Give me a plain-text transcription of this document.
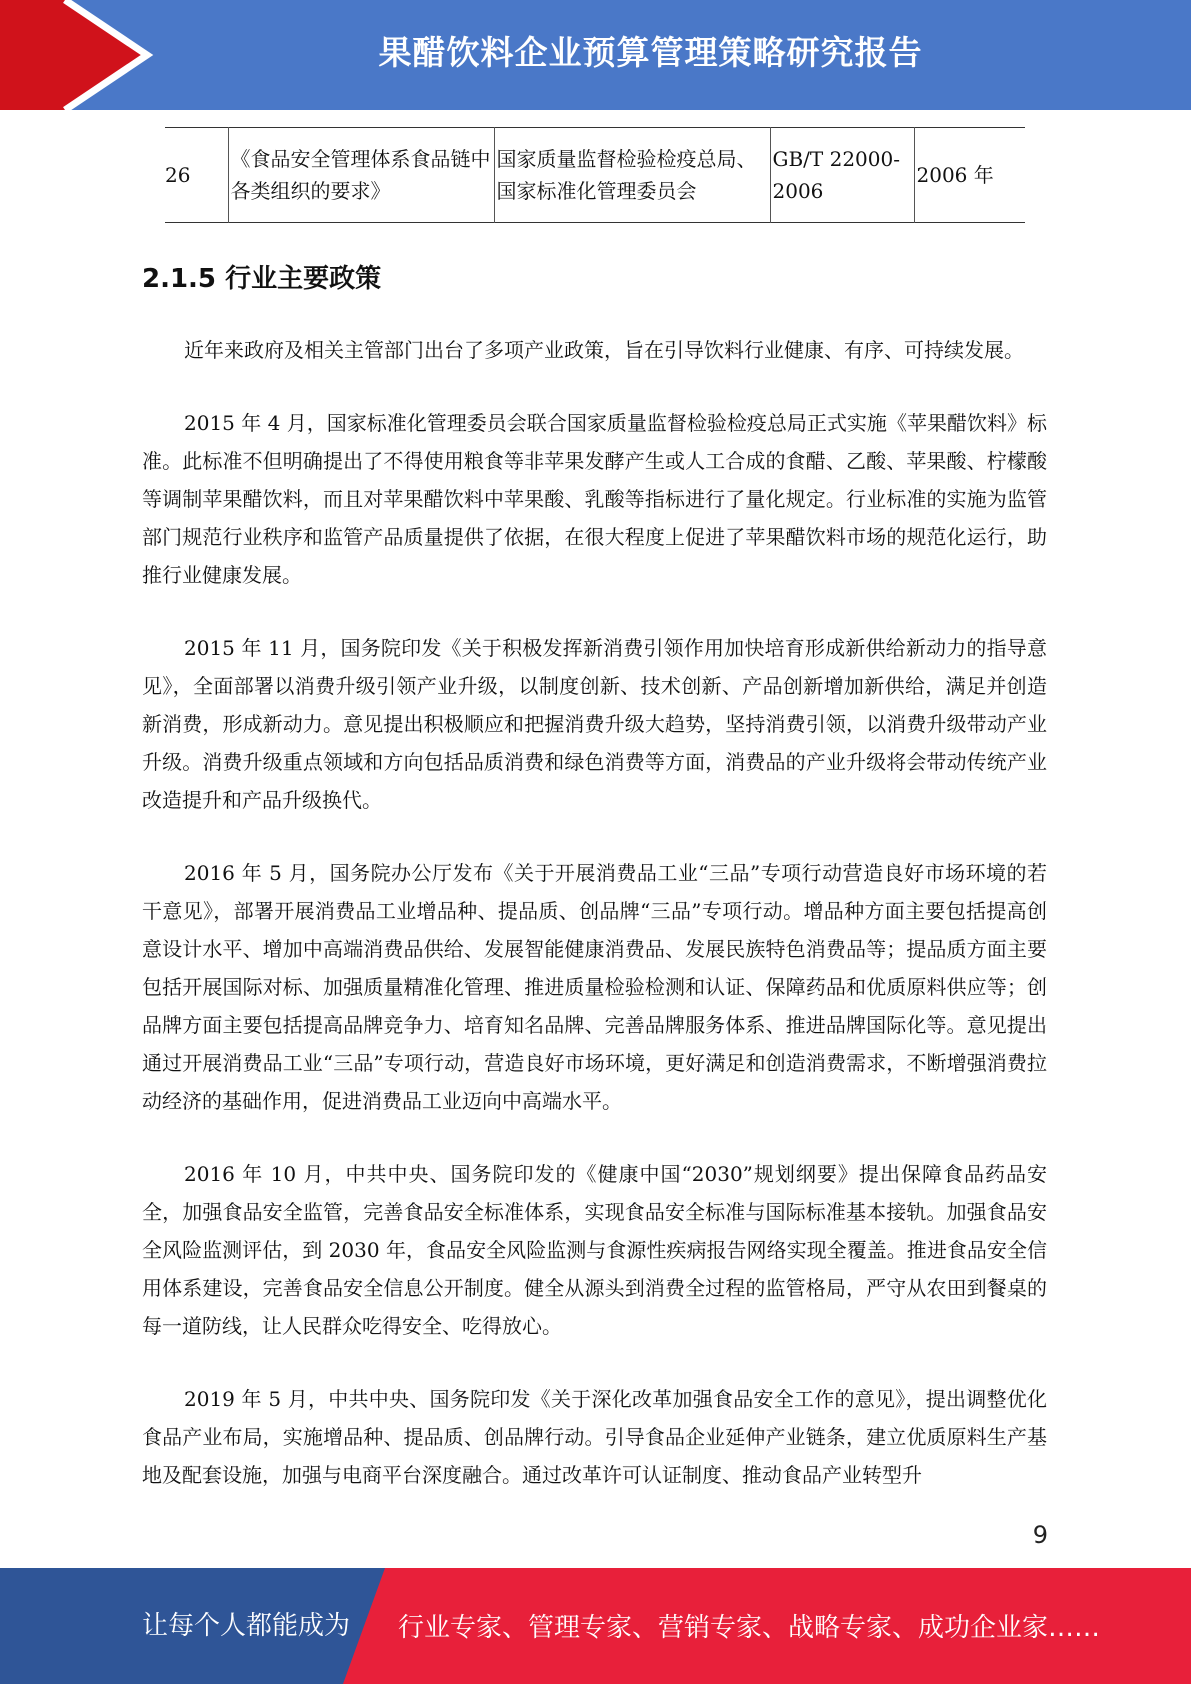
果醋饮料企业预算管理策略研究报告
26	《食品安全管理体系食品链中各类组织的要求》	国家质量监督检验检疫总局、国家标准化管理委员会	GB/T 22000-2006	2006 年
2.1.5 行业主要政策

近年来政府及相关主管部门出台了多项产业政策，旨在引导饮料行业健康、有序、可持续发展。

2015 年 4 月，国家标准化管理委员会联合国家质量监督检验检疫总局正式实施《苹果醋饮料》标准。此标准不但明确提出了不得使用粮食等非苹果发酵产生或人工合成的食醋、乙酸、苹果酸、柠檬酸等调制苹果醋饮料，而且对苹果醋饮料中苹果酸、乳酸等指标进行了量化规定。行业标准的实施为监管部门规范行业秩序和监管产品质量提供了依据，在很大程度上促进了苹果醋饮料市场的规范化运行，助推行业健康发展。

2015 年 11 月，国务院印发《关于积极发挥新消费引领作用加快培育形成新供给新动力的指导意见》，全面部署以消费升级引领产业升级，以制度创新、技术创新、产品创新增加新供给，满足并创造新消费，形成新动力。意见提出积极顺应和把握消费升级大趋势，坚持消费引领，以消费升级带动产业升级。消费升级重点领域和方向包括品质消费和绿色消费等方面，消费品的产业升级将会带动传统产业改造提升和产品升级换代。

2016 年 5 月，国务院办公厅发布《关于开展消费品工业“三品”专项行动营造良好市场环境的若干意见》，部署开展消费品工业增品种、提品质、创品牌“三品”专项行动。增品种方面主要包括提高创意设计水平、增加中高端消费品供给、发展智能健康消费品、发展民族特色消费品等；提品质方面主要包括开展国际对标、加强质量精准化管理、推进质量检验检测和认证、保障药品和优质原料供应等；创品牌方面主要包括提高品牌竞争力、培育知名品牌、完善品牌服务体系、推进品牌国际化等。意见提出通过开展消费品工业“三品”专项行动，营造良好市场环境，更好满足和创造消费需求，不断增强消费拉动经济的基础作用，促进消费品工业迈向中高端水平。

2016 年 10 月，中共中央、国务院印发的《健康中国“2030”规划纲要》提出保障食品药品安全，加强食品安全监管，完善食品安全标准体系，实现食品安全标准与国际标准基本接轨。加强食品安全风险监测评估，到 2030 年，食品安全风险监测与食源性疾病报告网络实现全覆盖。推进食品安全信用体系建设，完善食品安全信息公开制度。健全从源头到消费全过程的监管格局，严守从农田到餐桌的每一道防线，让人民群众吃得安全、吃得放心。

2019 年 5 月，中共中央、国务院印发《关于深化改革加强食品安全工作的意见》，提出调整优化食品产业布局，实施增品种、提品质、创品牌行动。引导食品企业延伸产业链条，建立优质原料生产基地及配套设施，加强与电商平台深度融合。通过改革许可认证制度、推动食品产业转型升

9
让每个人都能成为 行业专家、管理专家、营销专家、战略专家、成功企业家……
